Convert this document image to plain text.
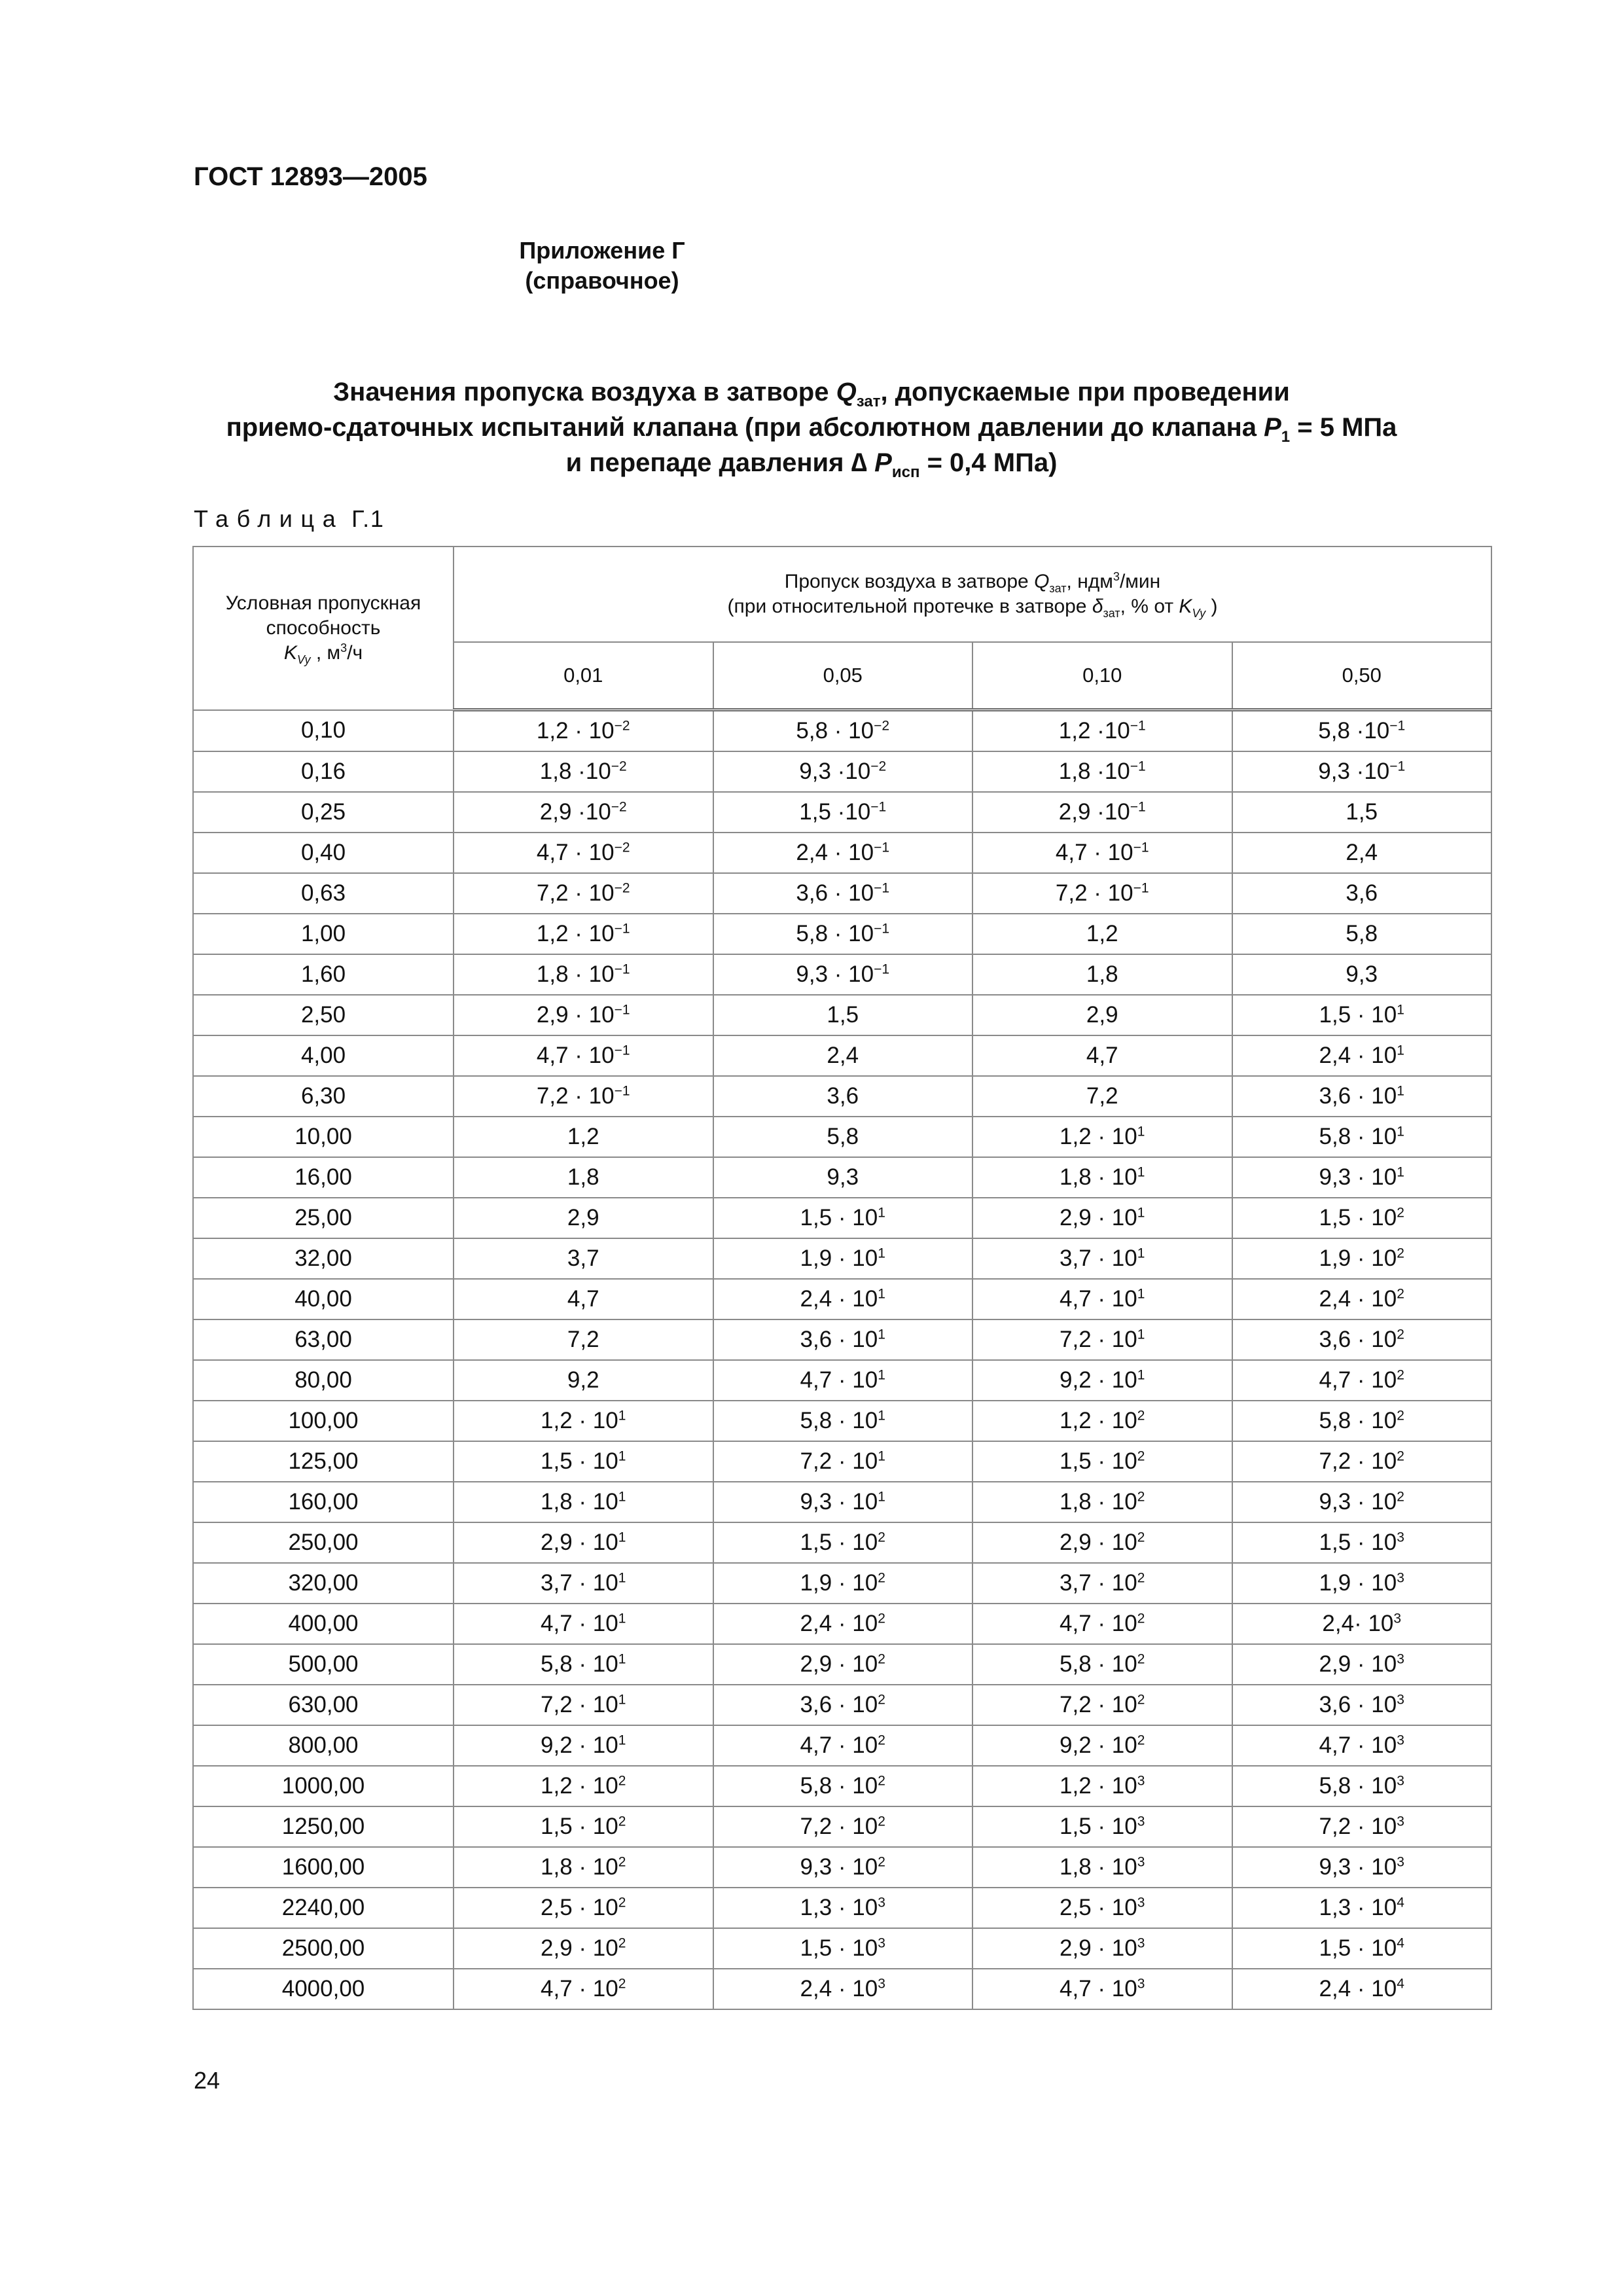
ГОСТ 12893—2005

Приложение Г
(справочное)

Значения пропуска воздуха в затворе $Q_{зат}$, допускаемые при проведении
приемо-сдаточных испытаний клапана (при абсолютном давлении до клапана $P_1 = 5$ МПа
и перепаде давления ∆ $P_{исп} = 0,4$ МПа)

Таблица Г.1

Условная пропускная
способность
$K_{Vy}$ , $м^3/ч$	Пропуск воздуха в затворе $Q_{зат}$, ндм$^3$/мин
(при относительной протечке в затворе $\delta_{зат}$, % от $K_{Vy}$ )			
	0,01	0,05	0,10	0,50
0,10	$1,2 \cdot 10^{-2}$	$5,8 \cdot 10^{-2}$	$1,2 \cdot 10^{-1}$	$5,8 \cdot 10^{-1}$
0,16	$1,8 \cdot 10^{-2}$	$9,3 \cdot 10^{-2}$	$1,8 \cdot 10^{-1}$	$9,3 \cdot 10^{-1}$
0,25	$2,9 \cdot 10^{-2}$	$1,5 \cdot 10^{-1}$	$2,9 \cdot 10^{-1}$	1,5
0,40	$4,7 \cdot 10^{-2}$	$2,4 \cdot 10^{-1}$	$4,7 \cdot 10^{-1}$	2,4
0,63	$7,2 \cdot 10^{-2}$	$3,6 \cdot 10^{-1}$	$7,2 \cdot 10^{-1}$	3,6
1,00	$1,2 \cdot 10^{-1}$	$5,8 \cdot 10^{-1}$	1,2	5,8
1,60	$1,8 \cdot 10^{-1}$	$9,3 \cdot 10^{-1}$	1,8	9,3
2,50	$2,9 \cdot 10^{-1}$	1,5	2,9	$1,5 \cdot 10^1$
4,00	$4,7 \cdot 10^{-1}$	2,4	4,7	$2,4 \cdot 10^1$
6,30	$7,2 \cdot 10^{-1}$	3,6	7,2	$3,6 \cdot 10^1$
10,00	1,2	5,8	$1,2 \cdot 10^1$	$5,8 \cdot 10^1$
16,00	1,8	9,3	$1,8 \cdot 10^1$	$9,3 \cdot 10^1$
25,00	2,9	$1,5 \cdot 10^1$	$2,9 \cdot 10^1$	$1,5 \cdot 10^2$
32,00	3,7	$1,9 \cdot 10^1$	$3,7 \cdot 10^1$	$1,9 \cdot 10^2$
40,00	4,7	$2,4 \cdot 10^1$	$4,7 \cdot 10^1$	$2,4 \cdot 10^2$
63,00	7,2	$3,6 \cdot 10^1$	$7,2 \cdot 10^1$	$3,6 \cdot 10^2$
80,00	9,2	$4,7 \cdot 10^1$	$9,2 \cdot 10^1$	$4,7 \cdot 10^2$
100,00	$1,2 \cdot 10^1$	$5,8 \cdot 10^1$	$1,2 \cdot 10^2$	$5,8 \cdot 10^2$
125,00	$1,5 \cdot 10^1$	$7,2 \cdot 10^1$	$1,5 \cdot 10^2$	$7,2 \cdot 10^2$
160,00	$1,8 \cdot 10^1$	$9,3 \cdot 10^1$	$1,8 \cdot 10^2$	$9,3 \cdot 10^2$
250,00	$2,9 \cdot 10^1$	$1,5 \cdot 10^2$	$2,9 \cdot 10^2$	$1,5 \cdot 10^3$
320,00	$3,7 \cdot 10^1$	$1,9 \cdot 10^2$	$3,7 \cdot 10^2$	$1,9 \cdot 10^3$
400,00	$4,7 \cdot 10^1$	$2,4 \cdot 10^2$	$4,7 \cdot 10^2$	$2,4\cdot 10^3$
500,00	$5,8 \cdot 10^1$	$2,9 \cdot 10^2$	$5,8 \cdot 10^2$	$2,9 \cdot 10^3$
630,00	$7,2 \cdot 10^1$	$3,6 \cdot 10^2$	$7,2 \cdot 10^2$	$3,6 \cdot 10^3$
800,00	$9,2 \cdot 10^1$	$4,7 \cdot 10^2$	$9,2 \cdot 10^2$	$4,7 \cdot 10^3$
1000,00	$1,2 \cdot 10^2$	$5,8 \cdot 10^2$	$1,2 \cdot 10^3$	$5,8 \cdot 10^3$
1250,00	$1,5 \cdot 10^2$	$7,2 \cdot 10^2$	$1,5 \cdot 10^3$	$7,2 \cdot 10^3$
1600,00	$1,8 \cdot 10^2$	$9,3 \cdot 10^2$	$1,8 \cdot 10^3$	$9,3 \cdot 10^3$
2240,00	$2,5 \cdot 10^2$	$1,3 \cdot 10^3$	$2,5 \cdot 10^3$	$1,3 \cdot 10^4$
2500,00	$2,9 \cdot 10^2$	$1,5 \cdot 10^3$	$2,9 \cdot 10^3$	$1,5 \cdot 10^4$
4000,00	$4,7 \cdot 10^2$	$2,4 \cdot 10^3$	$4,7 \cdot 10^3$	$2,4 \cdot 10^4$

24
